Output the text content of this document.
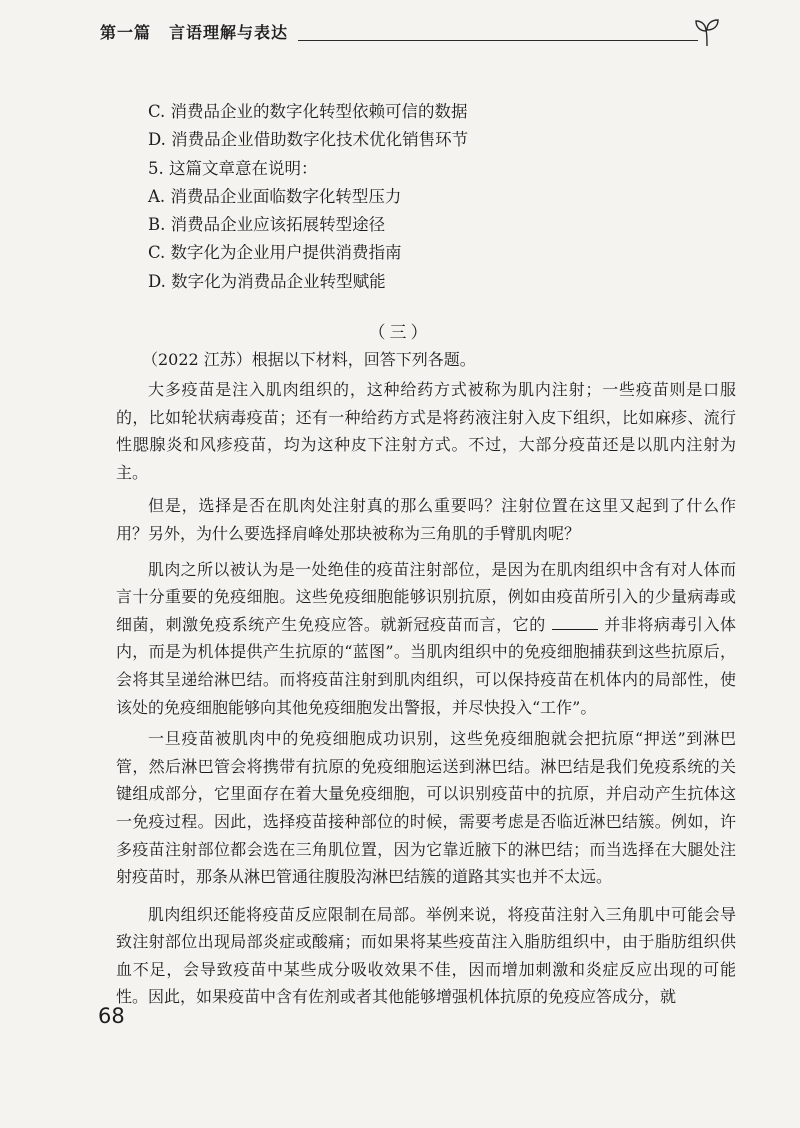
第一篇 言语理解与表达
C. 消费品企业的数字化转型依赖可信的数据
D. 消费品企业借助数字化技术优化销售环节
5. 这篇文章意在说明：
A. 消费品企业面临数字化转型压力
B. 消费品企业应该拓展转型途径
C. 数字化为企业用户提供消费指南
D. 数字化为消费品企业转型赋能
（三）
（2022 江苏）根据以下材料，回答下列各题。

大多疫苗是注入肌肉组织的，这种给药方式被称为肌内注射；一些疫苗则是口服的，比如轮状病毒疫苗；还有一种给药方式是将药液注射入皮下组织，比如麻疹、流行性腮腺炎和风疹疫苗，均为这种皮下注射方式。不过，大部分疫苗还是以肌内注射为主。

但是，选择是否在肌肉处注射真的那么重要吗？注射位置在这里又起到了什么作用？另外，为什么要选择肩峰处那块被称为三角肌的手臂肌肉呢？

肌肉之所以被认为是一处绝佳的疫苗注射部位，是因为在肌肉组织中含有对人体而言十分重要的免疫细胞。这些免疫细胞能够识别抗原，例如由疫苗所引入的少量病毒或细菌，刺激免疫系统产生免疫应答。就新冠疫苗而言，它的	并非将病毒引入体内，而是为机体提供产生抗原的“蓝图”。当肌肉组织中的免疫细胞捕获到这些抗原后，会将其呈递给淋巴结。而将疫苗注射到肌肉组织，可以保持疫苗在机体内的局部性，使该处的免疫细胞能够向其他免疫细胞发出警报，并尽快投入“工作”。

一旦疫苗被肌肉中的免疫细胞成功识别，这些免疫细胞就会把抗原“押送”到淋巴管，然后淋巴管会将携带有抗原的免疫细胞运送到淋巴结。淋巴结是我们免疫系统的关键组成部分，它里面存在着大量免疫细胞，可以识别疫苗中的抗原，并启动产生抗体这一免疫过程。因此，选择疫苗接种部位的时候，需要考虑是否临近淋巴结簇。例如，许多疫苗注射部位都会选在三角肌位置，因为它靠近腋下的淋巴结；而当选择在大腿处注射疫苗时，那条从淋巴管通往腹股沟淋巴结簇的道路其实也并不太远。

肌肉组织还能将疫苗反应限制在局部。举例来说，将疫苗注射入三角肌中可能会导致注射部位出现局部炎症或酸痛；而如果将某些疫苗注入脂肪组织中，由于脂肪组织供血不足，会导致疫苗中某些成分吸收效果不佳，因而增加刺激和炎症反应出现的可能性。因此，如果疫苗中含有佐剂或者其他能够增强机体抗原的免疫应答成分，就

68
